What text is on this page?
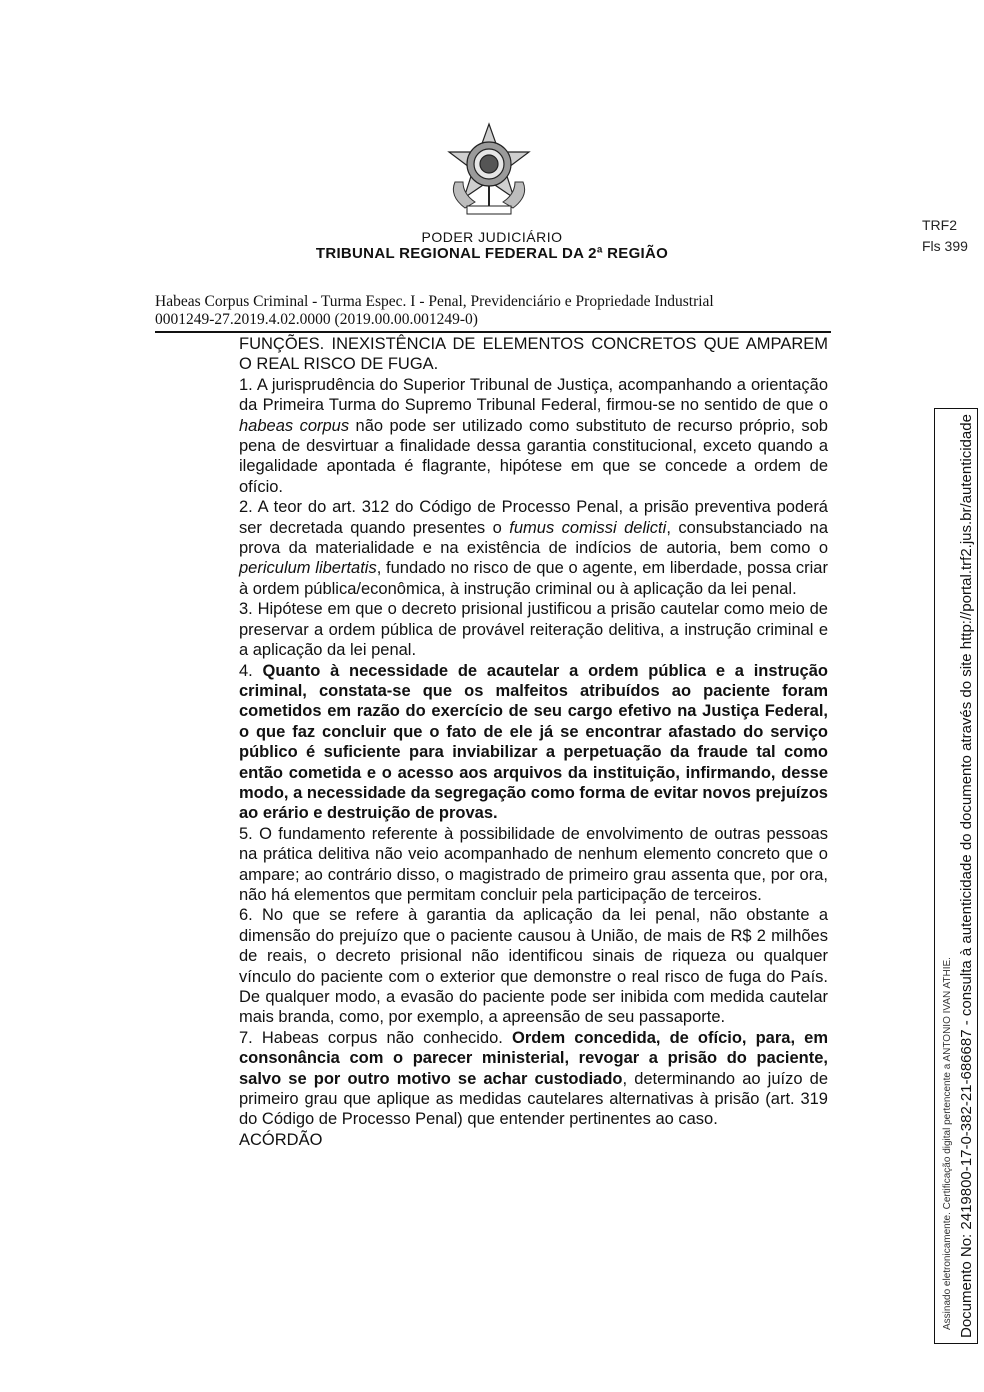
PODER JUDICIÁRIO
TRIBUNAL REGIONAL FEDERAL DA 2ª REGIÃO
TRF2
Fls 399
Habeas Corpus Criminal - Turma Espec. I - Penal, Previdenciário e Propriedade Industrial
0001249-27.2019.4.02.0000 (2019.00.00.001249-0)

FUNÇÕES. INEXISTÊNCIA DE ELEMENTOS CONCRETOS QUE AMPAREM O REAL RISCO DE FUGA.

1. A jurisprudência do Superior Tribunal de Justiça, acompanhando a orientação da Primeira Turma do Supremo Tribunal Federal, firmou-se no sentido de que o habeas corpus não pode ser utilizado como substituto de recurso próprio, sob pena de desvirtuar a finalidade dessa garantia constitucional, exceto quando a ilegalidade apontada é flagrante, hipótese em que se concede a ordem de ofício.

2. A teor do art. 312 do Código de Processo Penal, a prisão preventiva poderá ser decretada quando presentes o fumus comissi delicti, consubstanciado na prova da materialidade e na existência de indícios de autoria, bem como o periculum libertatis, fundado no risco de que o agente, em liberdade, possa criar à ordem pública/econômica, à instrução criminal ou à aplicação da lei penal.

3. Hipótese em que o decreto prisional justificou a prisão cautelar como meio de preservar a ordem pública de provável reiteração delitiva, a instrução criminal e a aplicação da lei penal.

4. Quanto à necessidade de acautelar a ordem pública e a instrução criminal, constata-se que os malfeitos atribuídos ao paciente foram cometidos em razão do exercício de seu cargo efetivo na Justiça Federal, o que faz concluir que o fato de ele já se encontrar afastado do serviço público é suficiente para inviabilizar a perpetuação da fraude tal como então cometida e o acesso aos arquivos da instituição, infirmando, desse modo, a necessidade da segregação como forma de evitar novos prejuízos ao erário e destruição de provas.

5. O fundamento referente à possibilidade de envolvimento de outras pessoas na prática delitiva não veio acompanhado de nenhum elemento concreto que o ampare; ao contrário disso, o magistrado de primeiro grau assenta que, por ora, não há elementos que permitam concluir pela participação de terceiros.

6. No que se refere à garantia da aplicação da lei penal, não obstante a dimensão do prejuízo que o paciente causou à União, de mais de R$ 2 milhões de reais, o decreto prisional não identificou sinais de riqueza ou qualquer vínculo do paciente com o exterior que demonstre o real risco de fuga do País. De qualquer modo, a evasão do paciente pode ser inibida com medida cautelar mais branda, como, por exemplo, a apreensão de seu passaporte.

7. Habeas corpus não conhecido. Ordem concedida, de ofício, para, em consonância com o parecer ministerial, revogar a prisão do paciente, salvo se por outro motivo se achar custodiado, determinando ao juízo de primeiro grau que aplique as medidas cautelares alternativas à prisão (art. 319 do Código de Processo Penal) que entender pertinentes ao caso.

ACÓRDÃO	Assinado eletronicamente. Certificação digital pertencente a ANTONIO IVAN ATHIE. Documento No: 2419800-17-0-382-21-686687 - consulta à autenticidade do documento através do site http://portal.trf2.jus.br/autenticidade
